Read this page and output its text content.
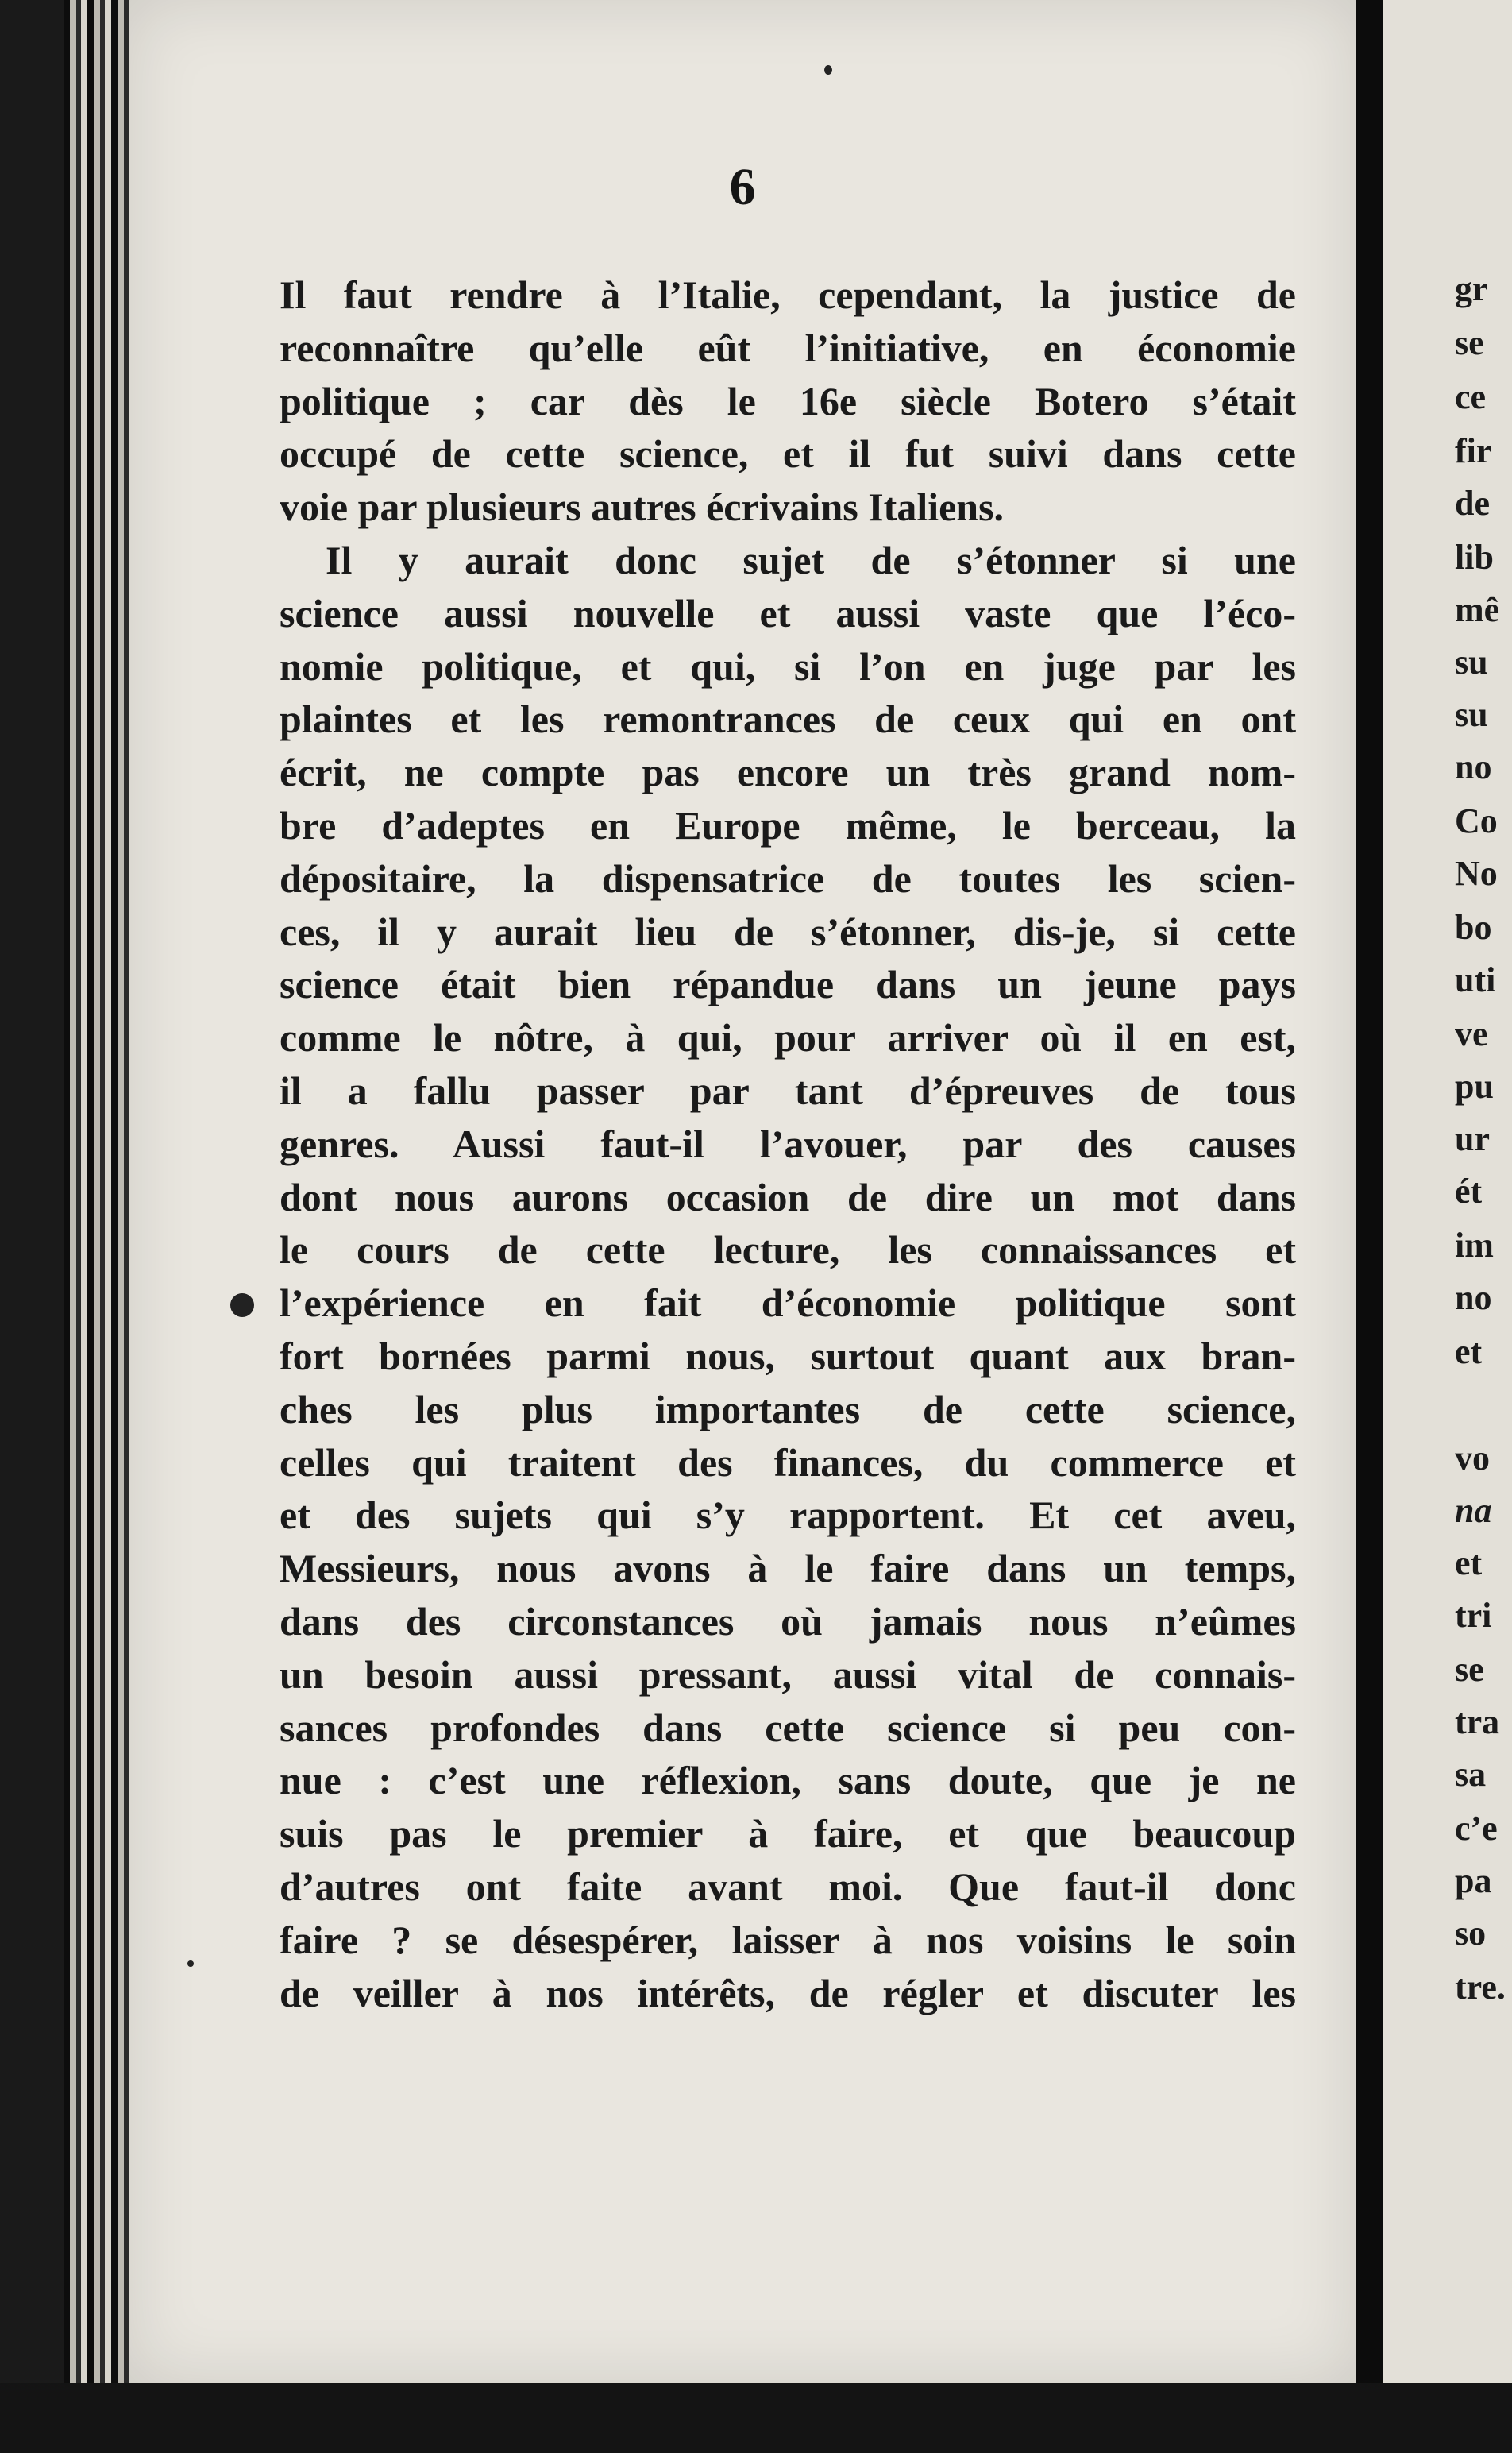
6
Il faut rendre à l’Italie, cependant, la justice de
reconnaître qu’elle eût l’initiative, en économie
politique ; car dès le 16e siècle Botero s’était
occupé de cette science, et il fut suivi dans cette
voie par plusieurs autres écrivains Italiens.
Il y aurait donc sujet de s’étonner si une
science aussi nouvelle et aussi vaste que l’éco-
nomie politique, et qui, si l’on en juge par les
plaintes et les remontrances de ceux qui en ont
écrit, ne compte pas encore un très grand nom-
bre d’adeptes en Europe même, le berceau, la
dépositaire, la dispensatrice de toutes les scien-
ces, il y aurait lieu de s’étonner, dis-je, si cette
science était bien répandue dans un jeune pays
comme le nôtre, à qui, pour arriver où il en est,
il a fallu passer par tant d’épreuves de tous
genres. Aussi faut-il l’avouer, par des causes
dont nous aurons occasion de dire un mot dans
le cours de cette lecture, les connaissances et
l’expérience en fait d’économie politique sont
fort bornées parmi nous, surtout quant aux bran-
ches les plus importantes de cette science,
celles qui traitent des finances, du commerce et
et des sujets qui s’y rapportent. Et cet aveu,
Messieurs, nous avons à le faire dans un temps,
dans des circonstances où jamais nous n’eûmes
un besoin aussi pressant, aussi vital de connais-
sances profondes dans cette science si peu con-
nue : c’est une réflexion, sans doute, que je ne
suis pas le premier à faire, et que beaucoup
d’autres ont faite avant moi. Que faut-il donc
faire ? se désespérer, laisser à nos voisins le soin
de veiller à nos intérêts, de régler et discuter les
gr
se
ce
fir
de
lib
mê
su
su
no
Co
No
bo
uti
ve
pu
ur
ét
im
no
et
vo
na
et
tri
se
tra
sa
c’e
pa
so
tre.
